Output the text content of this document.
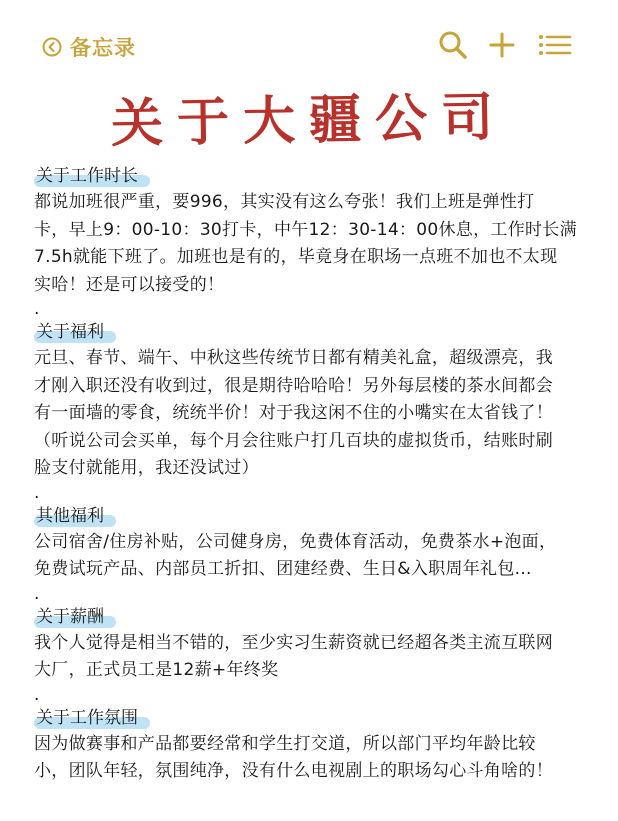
备忘录
关于大疆公司
关于工作时长

都说加班很严重，要996，其实没有这么夸张！我们上班是弹性打

卡，早上9：00-10：30打卡，中午12：30-14：00休息，工作时长满

7.5h就能下班了。加班也是有的，毕竟身在职场一点班不加也不太现

实哈！还是可以接受的！

.

关于福利

元旦、春节、端午、中秋这些传统节日都有精美礼盒，超级漂亮，我

才刚入职还没有收到过，很是期待哈哈哈！另外每层楼的茶水间都会

有一面墙的零食，统统半价！对于我这闲不住的小嘴实在太省钱了！

（听说公司会买单，每个月会往账户打几百块的虚拟货币，结账时刷

脸支付就能用，我还没试过）

.

其他福利

公司宿舍/住房补贴，公司健身房，免费体育活动，免费茶水+泡面，

免费试玩产品、内部员工折扣、团建经费、生日&入职周年礼包...

.

关于薪酬

我个人觉得是相当不错的，至少实习生薪资就已经超各类主流互联网

大厂，正式员工是12薪+年终奖

.

关于工作氛围

因为做赛事和产品都要经常和学生打交道，所以部门平均年龄比较

小，团队年轻，氛围纯净，没有什么电视剧上的职场勾心斗角啥的！
